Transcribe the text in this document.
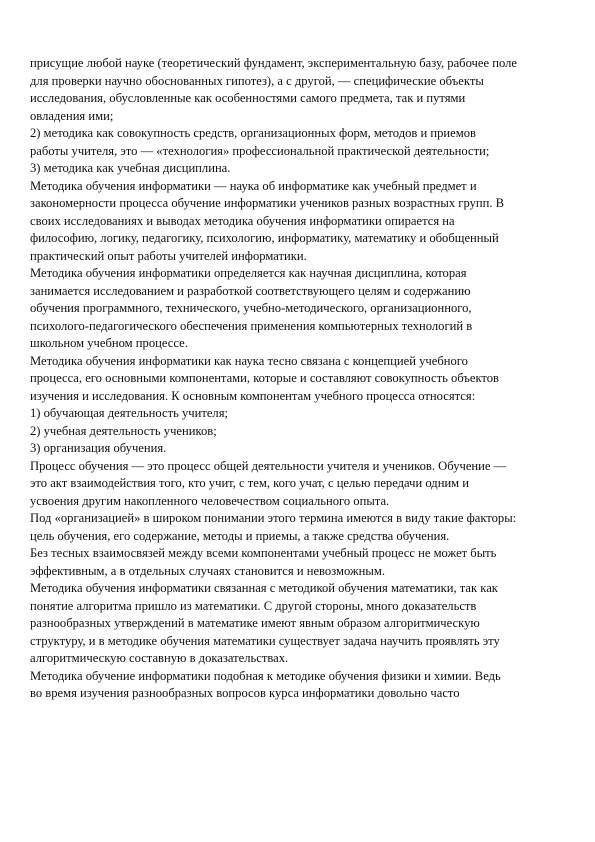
присущие любой науке (теоретический фундамент, экспериментальную базу, рабочее поле
для проверки научно обоснованных гипотез), а с другой, — специфические объекты
исследования, обусловленные как особенностями самого предмета, так и путями
овладения ими;
2) методика как совокупность средств, организационных форм, методов и приемов
работы учителя, это — «технология» профессиональной практической деятельности;
3) методика как учебная дисциплина.
Методика обучения информатики — наука об информатике как учебный предмет и
закономерности процесса обучение информатики учеников разных возрастных групп. В
своих исследованиях и выводах методика обучения информатики опирается на
философию, логику, педагогику, психологию, информатику, математику и обобщенный
практический опыт работы учителей информатики.
Методика обучения информатики определяется как научная дисциплина, которая
занимается исследованием и разработкой соответствующего целям и содержанию
обучения программного, технического, учебно-методического, организационного,
психолого-педагогического обеспечения применения компьютерных технологий в
школьном учебном процессе.
Методика обучения информатики как наука тесно связана с концепцией учебного
процесса, его основными компонентами, которые и составляют совокупность объектов
изучения и исследования. К основным компонентам учебного процесса относятся:
1) обучающая деятельность учителя;
2) учебная деятельность учеников;
3) организация обучения.
Процесс обучения — это процесс общей деятельности учителя и учеников. Обучение —
это акт взаимодействия того, кто учит, с тем, кого учат, с целью передачи одним и
усвоения другим накопленного человечеством социального опыта.
Под «организацией» в широком понимании этого термина имеются в виду такие факторы:
цель обучения, его содержание, методы и приемы, а также средства обучения.
Без тесных взаимосвязей между всеми компонентами учебный процесс не может быть
эффективным, а в отдельных случаях становится и невозможным.
Методика обучения информатики связанная с методикой обучения математики, так как
понятие алгоритма пришло из математики. С другой стороны, много доказательств
разнообразных утверждений в математике имеют явным образом алгоритмическую
структуру, и в методике обучения математики существует задача научить проявлять эту
алгоритмическую составную в доказательствах.
Методика обучение информатики подобная к методике обучения физики и химии. Ведь
во время изучения разнообразных вопросов курса информатики довольно часто
